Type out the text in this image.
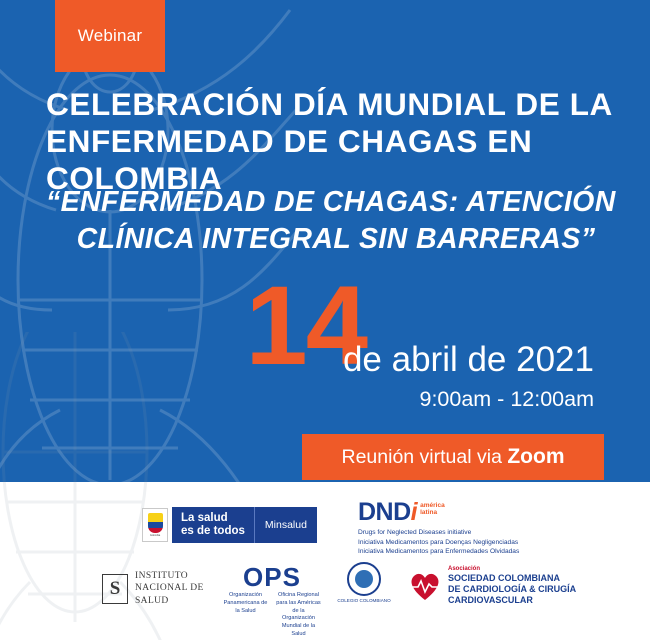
Webinar
CELEBRACIÓN DÍA MUNDIAL DE LA
ENFERMEDAD DE CHAGAS EN COLOMBIA
“ENFERMEDAD DE CHAGAS: ATENCIÓN
CLÍNICA INTEGRAL SIN BARRERAS”
14
de abril de 2021
9:00am - 12:00am
Reunión virtual via Zoom
Colombia
La salud
es de todos	Minsalud	DNDi américa
latina
Drugs for Neglected Diseases initiative
Iniciativa Medicamentos para Doenças Negligenciadas
Iniciativa Medicamentos para Enfermedades Olvidadas
S
INSTITUTO
NACIONAL DE
SALUD
OPS
Organización Panamericana de la Salud
Oficina Regional para las Américas de la Organización Mundial de la Salud
COLEGIO COLOMBIANO
Asociación
SOCIEDAD COLOMBIANA
DE CARDIOLOGÍA & CIRUGÍA
CARDIOVASCULAR
